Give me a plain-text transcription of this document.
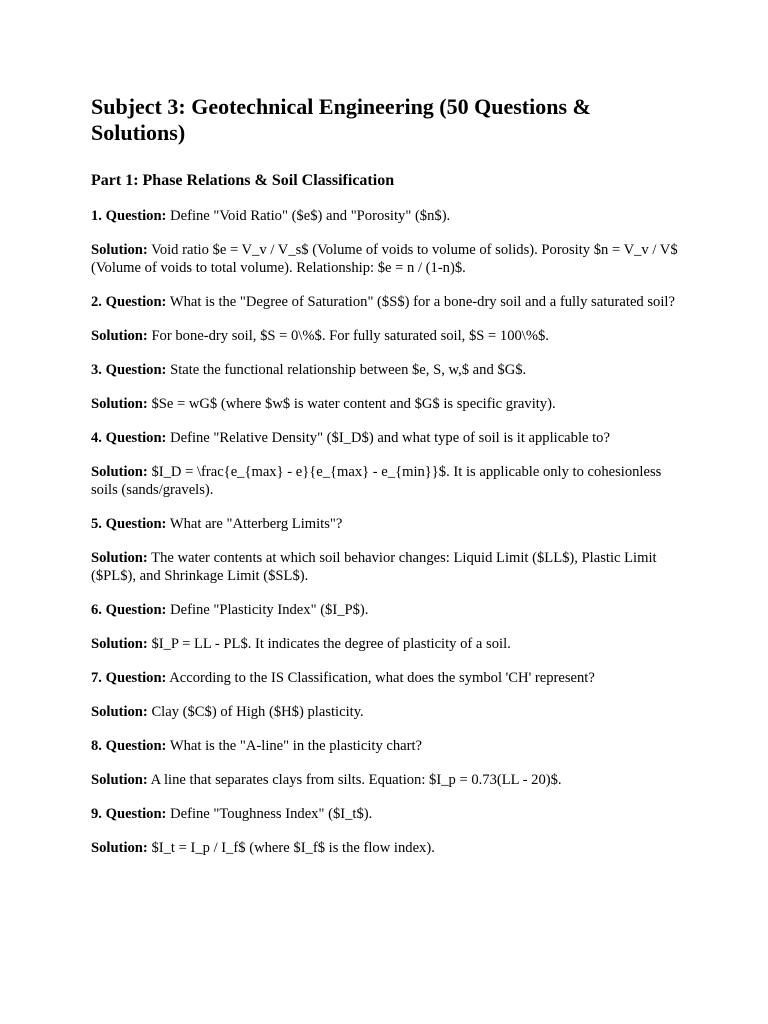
Subject 3: Geotechnical Engineering (50 Questions & Solutions)
Part 1: Phase Relations & Soil Classification

1. Question: Define "Void Ratio" ($e$) and "Porosity" ($n$).

Solution: Void ratio $e = V_v / V_s$ (Volume of voids to volume of solids). Porosity $n = V_v / V$ (Volume of voids to total volume). Relationship: $e = n / (1-n)$.

2. Question: What is the "Degree of Saturation" ($S$) for a bone-dry soil and a fully saturated soil?

Solution: For bone-dry soil, $S = 0\%$. For fully saturated soil, $S = 100\%$.

3. Question: State the functional relationship between $e, S, w,$ and $G$.

Solution: $Se = wG$ (where $w$ is water content and $G$ is specific gravity).

4. Question: Define "Relative Density" ($I_D$) and what type of soil is it applicable to?

Solution: $I_D = \frac{e_{max} - e}{e_{max} - e_{min}}$. It is applicable only to cohesionless soils (sands/gravels).

5. Question: What are "Atterberg Limits"?

Solution: The water contents at which soil behavior changes: Liquid Limit ($LL$), Plastic Limit ($PL$), and Shrinkage Limit ($SL$).

6. Question: Define "Plasticity Index" ($I_P$).

Solution: $I_P = LL - PL$. It indicates the degree of plasticity of a soil.

7. Question: According to the IS Classification, what does the symbol 'CH' represent?

Solution: Clay ($C$) of High ($H$) plasticity.

8. Question: What is the "A-line" in the plasticity chart?

Solution: A line that separates clays from silts. Equation: $I_p = 0.73(LL - 20)$.

9. Question: Define "Toughness Index" ($I_t$).

Solution: $I_t = I_p / I_f$ (where $I_f$ is the flow index).
